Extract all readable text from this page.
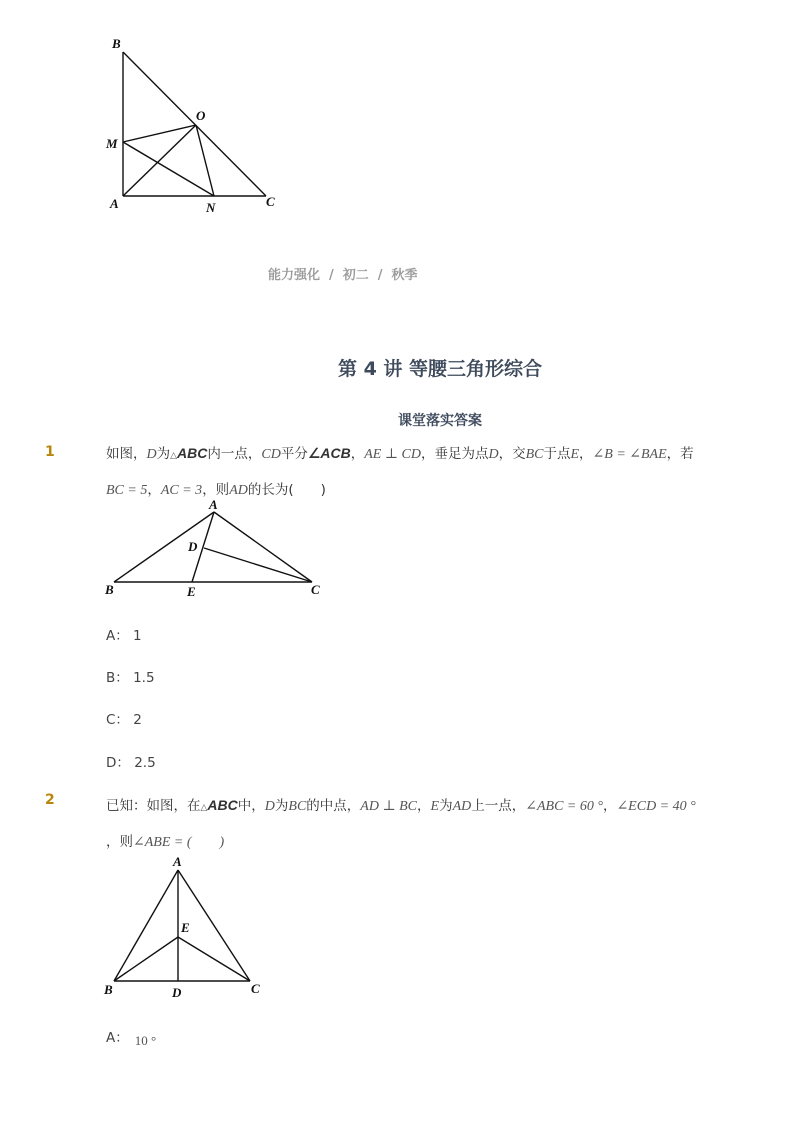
B
O
M
A	N	C
能力强化 / 初二 / 秋季
第 4 讲 等腰三角形综合
课堂落实答案
1	如图，D为△ABC内一点，CD平分∠ACB，AE ⊥ CD，垂足为点D，交BC于点E，∠B = ∠BAE，若
BC = 5，AC = 3，则AD的长为(　　)
A
D
B	E	C
A： 1
B： 1.5
C： 2
D： 2.5
2	已知：如图，在△ABC中，D为BC的中点，AD ⊥ BC，E为AD上一点，∠ABC = 60 °，∠ECD = 40 °
，则∠ABE = (　　)
A
E
B	D	C
A： 10 °
